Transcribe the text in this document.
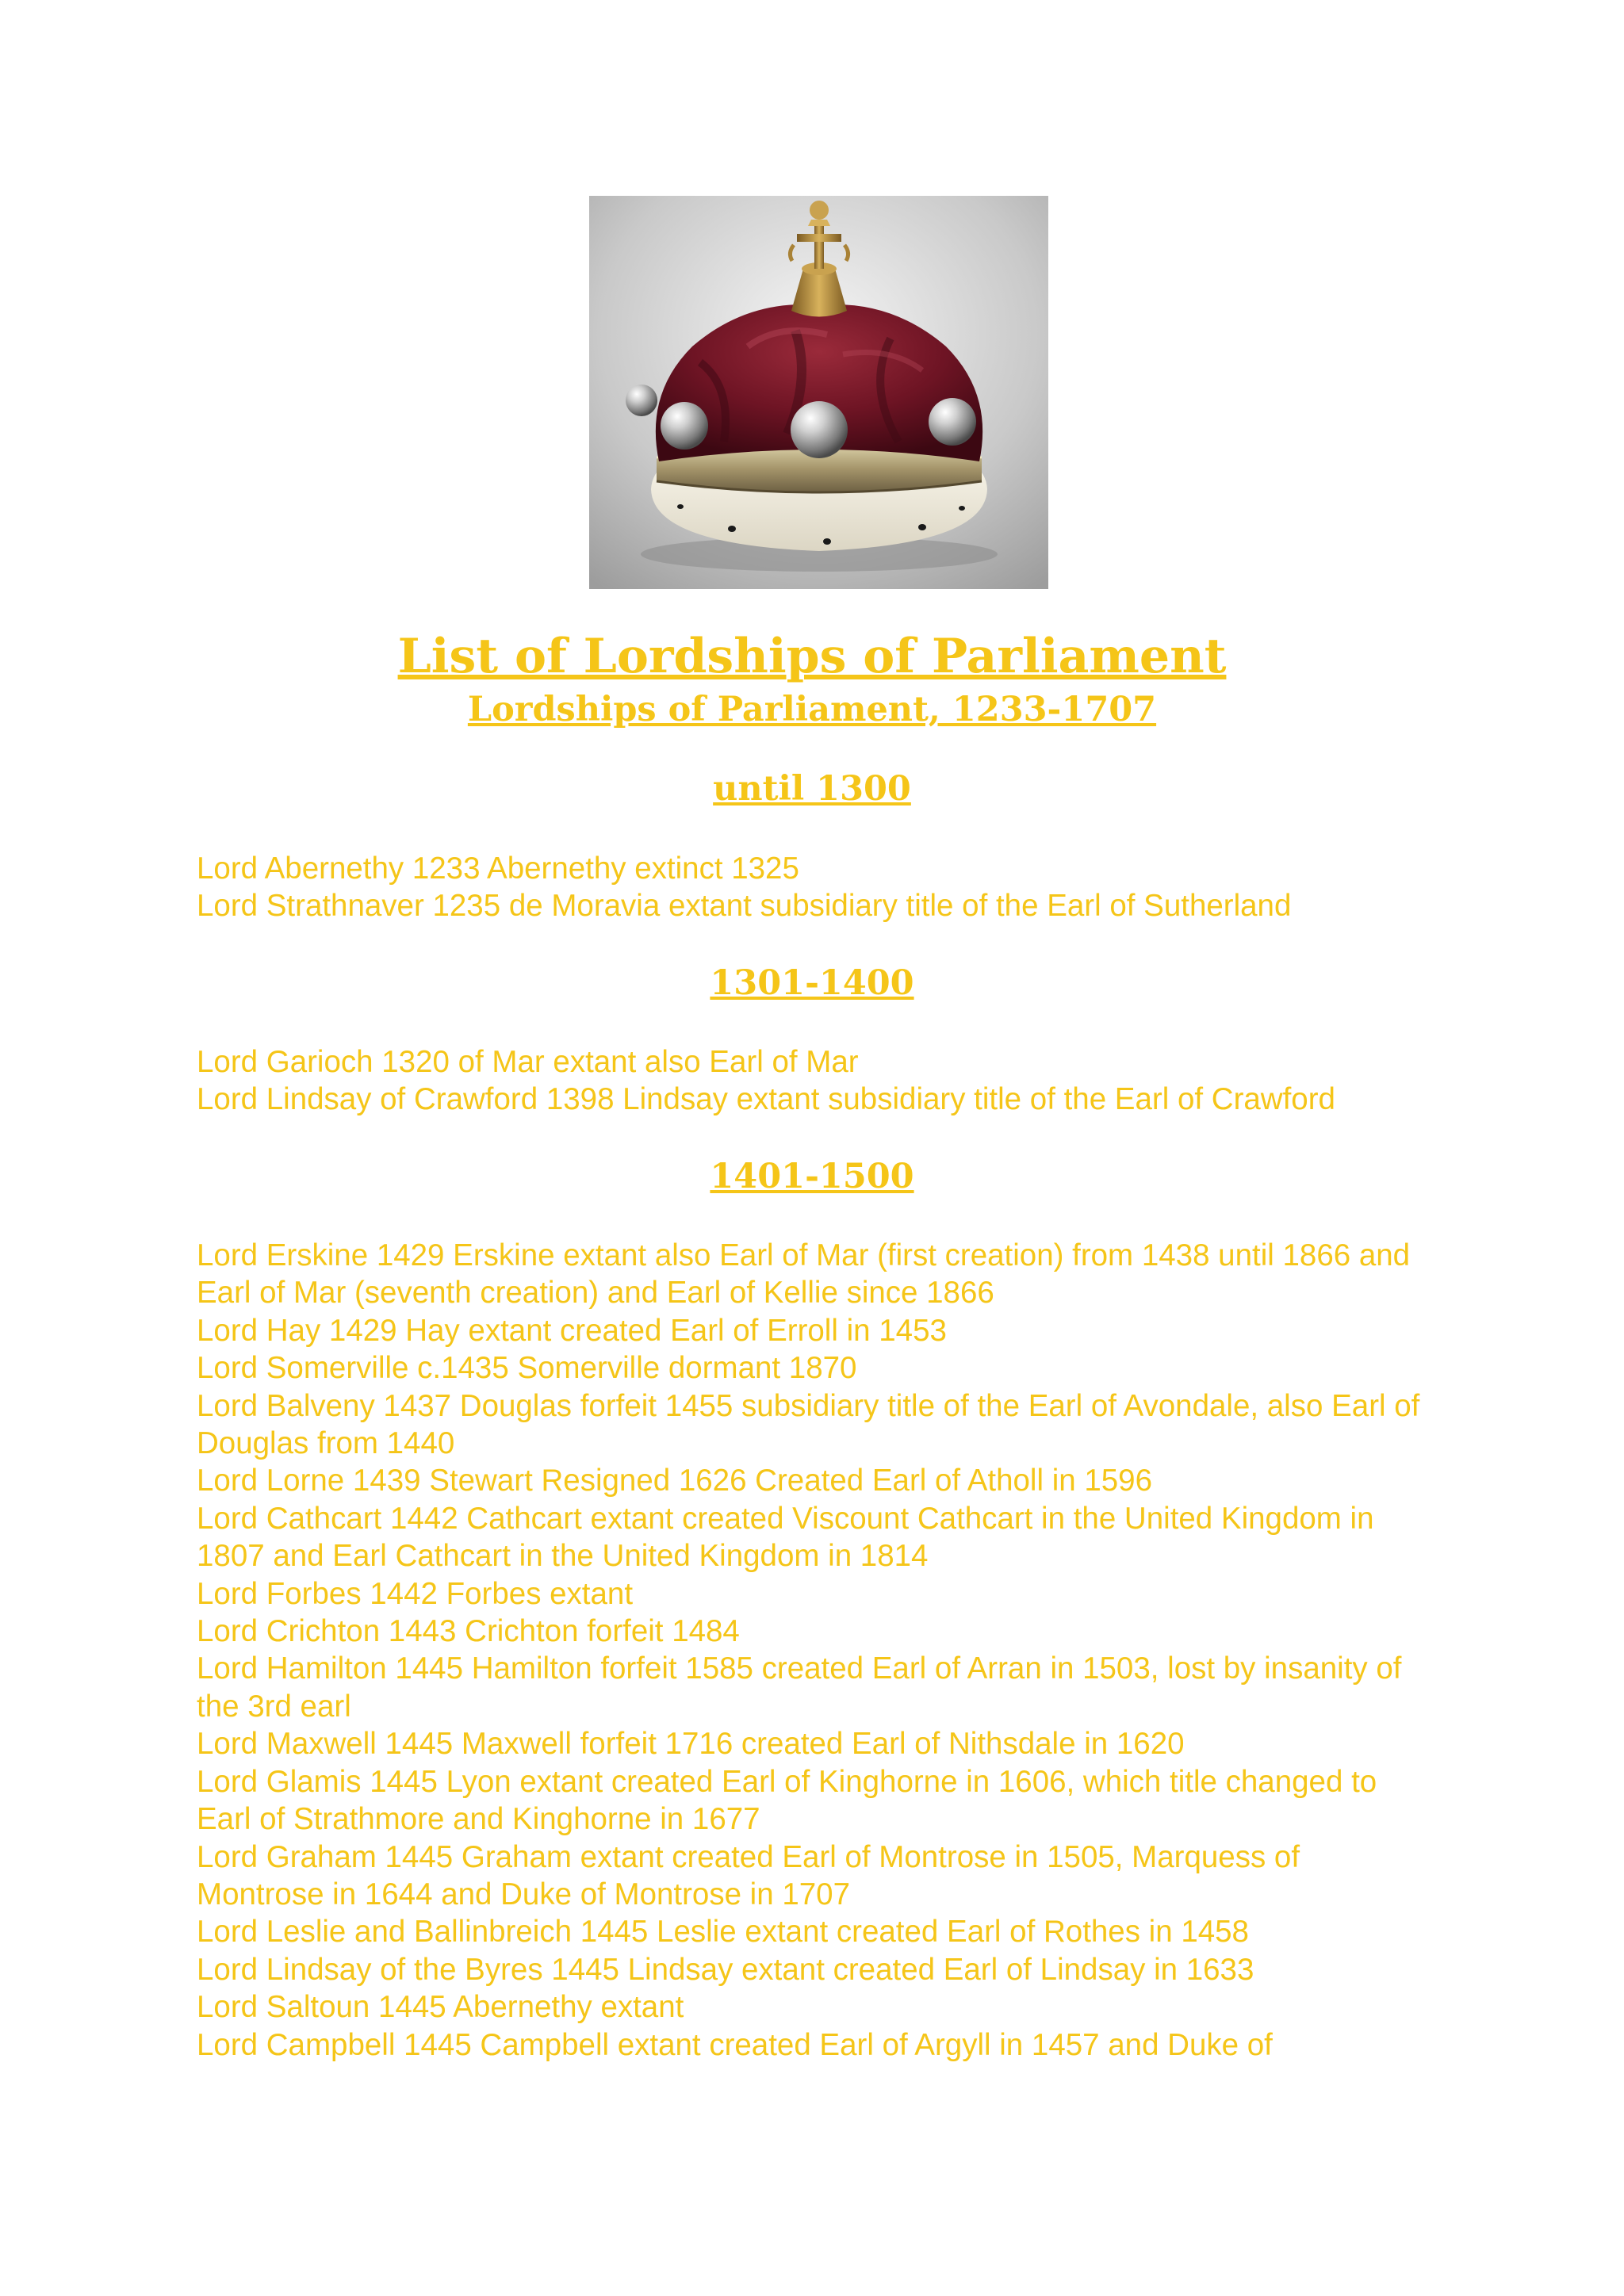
List of Lordships of Parliament
Lordships of Parliament, 1233-1707
until 1300
Lord Abernethy 1233 Abernethy extinct 1325
Lord Strathnaver 1235 de Moravia extant subsidiary title of the Earl of Sutherland
1301-1400
Lord Garioch 1320 of Mar extant also Earl of Mar
Lord Lindsay of Crawford 1398 Lindsay extant subsidiary title of the Earl of Crawford
1401-1500
Lord Erskine 1429 Erskine extant also Earl of Mar (first creation) from 1438 until 1866 and Earl of Mar (seventh creation) and Earl of Kellie since 1866
Lord Hay 1429 Hay extant created Earl of Erroll in 1453
Lord Somerville c.1435 Somerville dormant 1870
Lord Balveny 1437 Douglas forfeit 1455 subsidiary title of the Earl of Avondale, also Earl of Douglas from 1440
Lord Lorne 1439 Stewart Resigned 1626 Created Earl of Atholl in 1596
Lord Cathcart 1442 Cathcart extant created Viscount Cathcart in the United Kingdom in 1807 and Earl Cathcart in the United Kingdom in 1814
Lord Forbes 1442 Forbes extant
Lord Crichton 1443 Crichton forfeit 1484
Lord Hamilton 1445 Hamilton forfeit 1585 created Earl of Arran in 1503, lost by insanity of the 3rd earl
Lord Maxwell 1445 Maxwell forfeit 1716 created Earl of Nithsdale in 1620
Lord Glamis 1445 Lyon extant created Earl of Kinghorne in 1606, which title changed to Earl of Strathmore and Kinghorne in 1677
Lord Graham 1445 Graham extant created Earl of Montrose in 1505, Marquess of Montrose in 1644 and Duke of Montrose in 1707
Lord Leslie and Ballinbreich 1445 Leslie extant created Earl of Rothes in 1458
Lord Lindsay of the Byres 1445 Lindsay extant created Earl of Lindsay in 1633
Lord Saltoun 1445 Abernethy extant
Lord Campbell 1445 Campbell extant created Earl of Argyll in 1457 and Duke of
